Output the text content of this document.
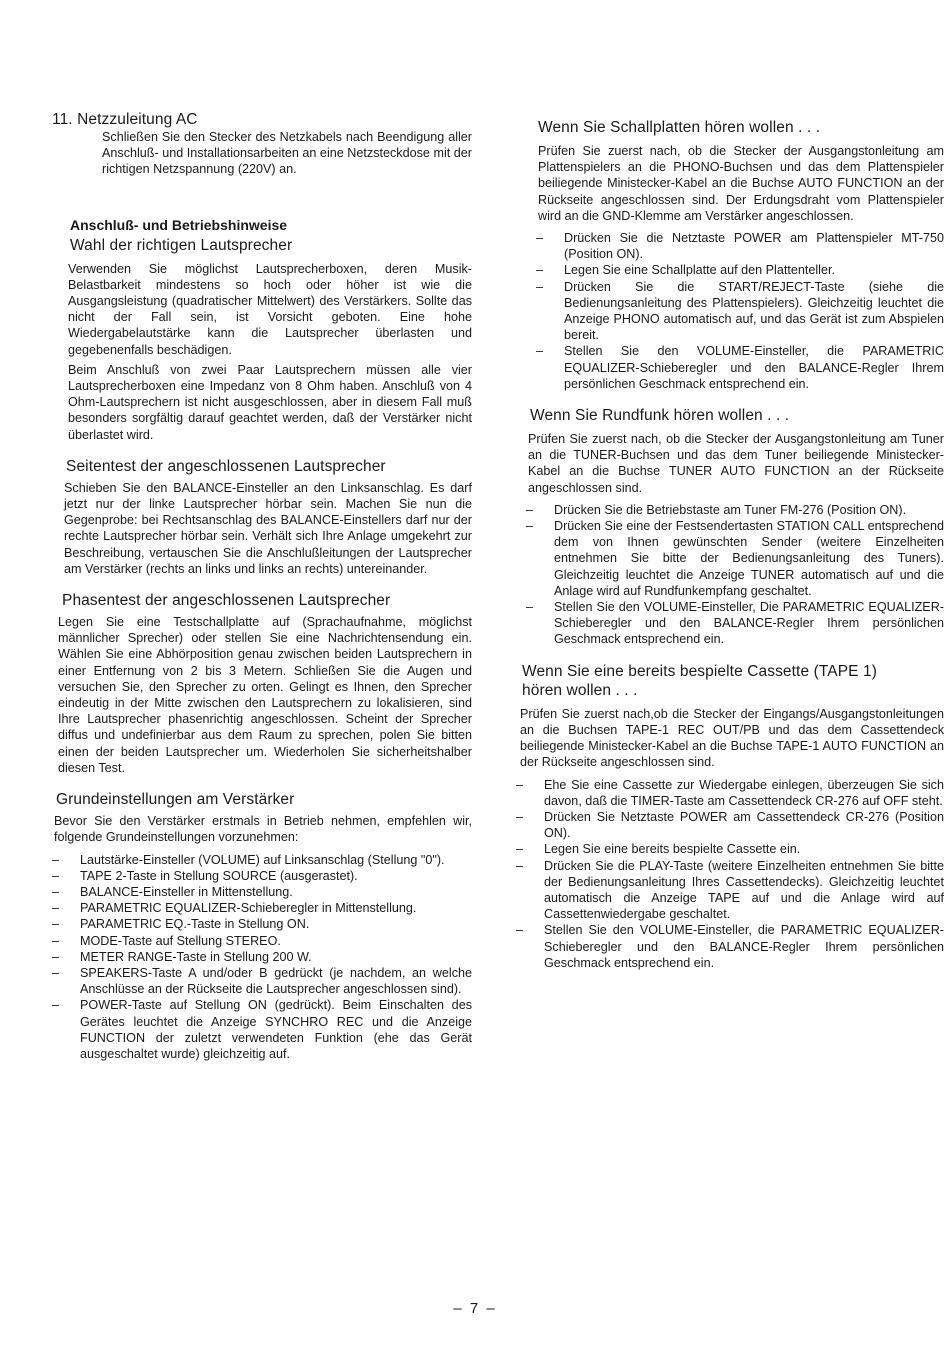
11. Netzzuleitung AC

Schließen Sie den Stecker des Netzkabels nach Beendigung aller Anschluß- und Installationsarbeiten an eine Netzsteckdose mit der richtigen Netzspannung (220V) an.

Anschluß- und Betriebshinweise
Wahl der richtigen Lautsprecher

Verwenden Sie möglichst Lautsprecherboxen, deren Musik-Belastbarkeit mindestens so hoch oder höher ist wie die Ausgangsleistung (quadratischer Mittelwert) des Verstärkers. Sollte das nicht der Fall sein, ist Vorsicht geboten. Eine hohe Wiedergabelautstärke kann die Lautsprecher überlasten und gegebenenfalls beschädigen.

Beim Anschluß von zwei Paar Lautsprechern müssen alle vier Lautsprecherboxen eine Impedanz von 8 Ohm haben. Anschluß von 4 Ohm-Lautsprechern ist nicht ausgeschlossen, aber in diesem Fall muß besonders sorgfältig darauf geachtet werden, daß der Verstärker nicht überlastet wird.

Seitentest der angeschlossenen Lautsprecher

Schieben Sie den BALANCE-Einsteller an den Linksanschlag. Es darf jetzt nur der linke Lautsprecher hörbar sein. Machen Sie nun die Gegenprobe: bei Rechtsanschlag des BALANCE-Einstellers darf nur der rechte Lautsprecher hörbar sein. Verhält sich Ihre Anlage umgekehrt zur Beschreibung, vertauschen Sie die Anschlußleitungen der Lautsprecher am Verstärker (rechts an links und links an rechts) untereinander.

Phasentest der angeschlossenen Lautsprecher

Legen Sie eine Testschallplatte auf (Sprachaufnahme, möglichst männlicher Sprecher) oder stellen Sie eine Nachrichtensendung ein. Wählen Sie eine Abhörposition genau zwischen beiden Lautsprechern in einer Entfernung von 2 bis 3 Metern. Schließen Sie die Augen und versuchen Sie, den Sprecher zu orten. Gelingt es Ihnen, den Sprecher eindeutig in der Mitte zwischen den Lautsprechern zu lokalisieren, sind Ihre Lautsprecher phasenrichtig angeschlossen. Scheint der Sprecher diffus und undefinierbar aus dem Raum zu sprechen, polen Sie bitten einen der beiden Lautsprecher um. Wiederholen Sie sicherheitshalber diesen Test.

Grundeinstellungen am Verstärker

Bevor Sie den Verstärker erstmals in Betrieb nehmen, empfehlen wir, folgende Grundeinstellungen vorzunehmen:

– Lautstärke-Einsteller (VOLUME) auf Linksanschlag (Stellung "0").
– TAPE 2-Taste in Stellung SOURCE (ausgerastet).
– BALANCE-Einsteller in Mittenstellung.
– PARAMETRIC EQUALIZER-Schieberegler in Mittenstellung.
– PARAMETRIC EQ.-Taste in Stellung ON.
– MODE-Taste auf Stellung STEREO.
– METER RANGE-Taste in Stellung 200 W.
– SPEAKERS-Taste A und/oder B gedrückt (je nachdem, an welche Anschlüsse an der Rückseite die Lautsprecher angeschlossen sind).
– POWER-Taste auf Stellung ON (gedrückt). Beim Einschalten des Gerätes leuchtet die Anzeige SYNCHRO REC und die Anzeige FUNCTION der zuletzt verwendeten Funktion (ehe das Gerät ausgeschaltet wurde) gleichzeitig auf.
Wenn Sie Schallplatten hören wollen . . .

Prüfen Sie zuerst nach, ob die Stecker der Ausgangstonleitung am Plattenspielers an die PHONO-Buchsen und das dem Plattenspieler beiliegende Ministecker-Kabel an die Buchse AUTO FUNCTION an der Rückseite angeschlossen sind. Der Erdungsdraht vom Plattenspieler wird an die GND-Klemme am Verstärker angeschlossen.

– Drücken Sie die Netztaste POWER am Plattenspieler MT-750 (Position ON).
– Legen Sie eine Schallplatte auf den Plattenteller.
– Drücken Sie die START/REJECT-Taste (siehe die Bedienungsanleitung des Plattenspielers). Gleichzeitig leuchtet die Anzeige PHONO automatisch auf, und das Gerät ist zum Abspielen bereit.
– Stellen Sie den VOLUME-Einsteller, die PARAMETRIC EQUALIZER-Schieberegler und den BALANCE-Regler Ihrem persönlichen Geschmack entsprechend ein.
Wenn Sie Rundfunk hören wollen . . .

Prüfen Sie zuerst nach, ob die Stecker der Ausgangstonleitung am Tuner an die TUNER-Buchsen und das dem Tuner beiliegende Ministecker-Kabel an die Buchse TUNER AUTO FUNCTION an der Rückseite angeschlossen sind.

– Drücken Sie die Betriebstaste am Tuner FM-276 (Position ON).
– Drücken Sie eine der Festsendertasten STATION CALL entsprechend dem von Ihnen gewünschten Sender (weitere Einzelheiten entnehmen Sie bitte der Bedienungsanleitung des Tuners). Gleichzeitig leuchtet die Anzeige TUNER automatisch auf und die Anlage wird auf Rundfunkempfang geschaltet.
– Stellen Sie den VOLUME-Einsteller, Die PARAMETRIC EQUALIZER-Schieberegler und den BALANCE-Regler Ihrem persönlichen Geschmack entsprechend ein.
Wenn Sie eine bereits bespielte Cassette (TAPE 1) hören wollen . . .

Prüfen Sie zuerst nach,ob die Stecker der Eingangs/Ausgangstonleitungen an die Buchsen TAPE-1 REC OUT/PB und das dem Cassettendeck beiliegende Ministecker-Kabel an die Buchse TAPE-1 AUTO FUNCTION an der Rückseite angeschlossen sind.

– Ehe Sie eine Cassette zur Wiedergabe einlegen, überzeugen Sie sich davon, daß die TIMER-Taste am Cassettendeck CR-276 auf OFF steht.
– Drücken Sie Netztaste POWER am Cassettendeck CR-276 (Position ON).
– Legen Sie eine bereits bespielte Cassette ein.
– Drücken Sie die PLAY-Taste (weitere Einzelheiten entnehmen Sie bitte der Bedienungsanleitung Ihres Cassettendecks). Gleichzeitig leuchtet automatisch die Anzeige TAPE auf und die Anlage wird auf Cassettenwiedergabe geschaltet.
– Stellen Sie den VOLUME-Einsteller, die PARAMETRIC EQUALIZER-Schieberegler und den BALANCE-Regler Ihrem persönlichen Geschmack entsprechend ein.
– 7 –
